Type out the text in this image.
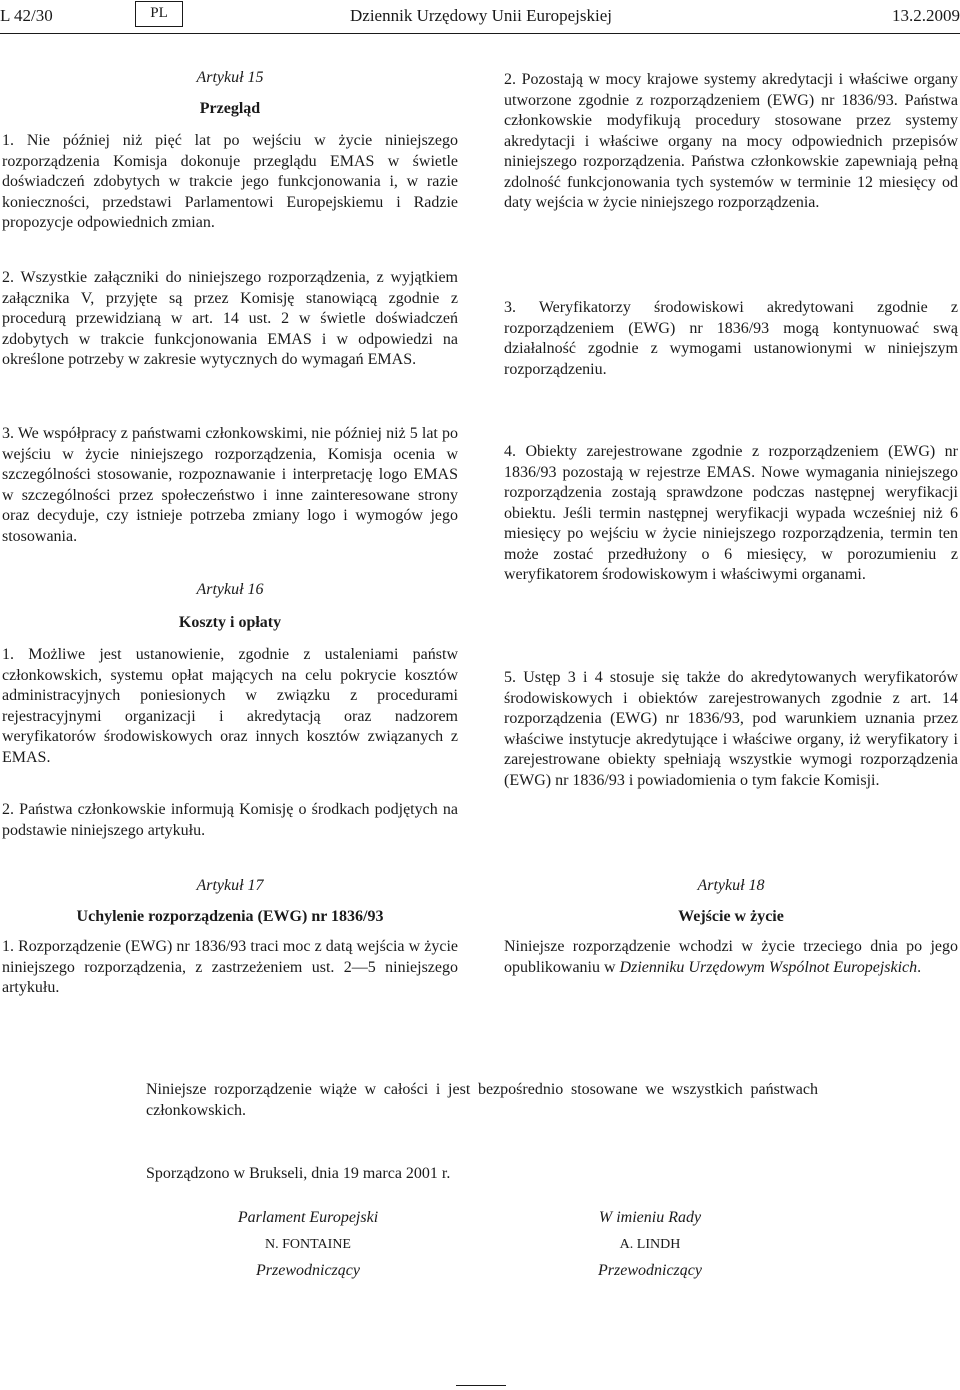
L 42/30	PL	Dziennik Urzędowy Unii Europejskiej	13.2.2009

Artykuł 15

Przegląd

1. Nie później niż pięć lat po wejściu w życie niniejszego rozporządzenia Komisja dokonuje przeglądu EMAS w świetle doświadczeń zdobytych w trakcie jego funkcjonowania i, w razie konieczności, przedstawi Parlamentowi Europejskiemu i Radzie propozycje odpowiednich zmian.

2. Wszystkie załączniki do niniejszego rozporządzenia, z wyjątkiem załącznika V, przyjęte są przez Komisję stanowiącą zgodnie z procedurą przewidzianą w art. 14 ust. 2 w świetle doświadczeń zdobytych w trakcie funkcjonowania EMAS i w odpowiedzi na określone potrzeby w zakresie wytycznych do wymagań EMAS.
3. We współpracy z państwami członkowskimi, nie później niż 5 lat po wejściu w życie niniejszego rozporządzenia, Komisja ocenia w szczególności stosowanie, rozpoznawanie i interpretację logo EMAS w szczególności przez społeczeństwo i inne zainteresowane strony oraz decyduje, czy istnieje potrzeba zmiany logo i wymogów jego stosowania.

Artykuł 16

Koszty i opłaty

1. Możliwe jest ustanowienie, zgodnie z ustaleniami państw członkowskich, systemu opłat mających na celu pokrycie kosztów administracyjnych poniesionych w związku z procedurami rejestracyjnymi organizacji i akredytacją oraz nadzorem weryfikatorów środowiskowych oraz innych kosztów związanych z EMAS.

2. Państwa członkowskie informują Komisję o środkach podjętych na podstawie niniejszego artykułu.

Artykuł 17

Uchylenie rozporządzenia (EWG) nr 1836/93

1. Rozporządzenie (EWG) nr 1836/93 traci moc z datą wejścia w życie niniejszego rozporządzenia, z zastrzeżeniem ust. 2—5 niniejszego artykułu.

2. Pozostają w mocy krajowe systemy akredytacji i właściwe organy utworzone zgodnie z rozporządzeniem (EWG) nr 1836/93. Państwa członkowskie modyfikują procedury stosowane przez systemy akredytacji i właściwe organy na mocy odpowiednich przepisów niniejszego rozporządzenia. Państwa członkowskie zapewniają pełną zdolność funkcjonowania tych systemów w terminie 12 miesięcy od daty wejścia w życie niniejszego rozporządzenia.
3. Weryfikatorzy środowiskowi akredytowani zgodnie z rozporządzeniem (EWG) nr 1836/93 mogą kontynuować swą działalność zgodnie z wymogami ustanowionymi w niniejszym rozporządzeniu.
4. Obiekty zarejestrowane zgodnie z rozporządzeniem (EWG) nr 1836/93 pozostają w rejestrze EMAS. Nowe wymagania niniejszego rozporządzenia zostają sprawdzone podczas następnej weryfikacji obiektu. Jeśli termin następnej weryfikacji wypada wcześniej niż 6 miesięcy po wejściu w życie niniejszego rozporządzenia, termin ten może zostać przedłużony o 6 miesięcy, w porozumieniu z weryfikatorem środowiskowym i właściwymi organami.
5. Ustęp 3 i 4 stosuje się także do akredytowanych weryfikatorów środowiskowych i obiektów zarejestrowanych zgodnie z art. 14 rozporządzenia (EWG) nr 1836/93, pod warunkiem uznania przez właściwe instytucje akredytujące i właściwe organy, iż weryfikatory i zarejestrowane obiekty spełniają wszystkie wymogi rozporządzenia (EWG) nr 1836/93 i powiadomienia o tym fakcie Komisji.

Artykuł 18

Wejście w życie

Niniejsze rozporządzenie wchodzi w życie trzeciego dnia po jego opublikowaniu w Dzienniku Urzędowym Wspólnot Europejskich.

Niniejsze rozporządzenie wiąże w całości i jest bezpośrednio stosowane we wszystkich państwach członkowskich.
Sporządzono w Brukseli, dnia 19 marca 2001 r.
Parlament Europejski
N. FONTAINE
Przewodniczący
W imieniu Rady
A. LINDH
Przewodniczący
